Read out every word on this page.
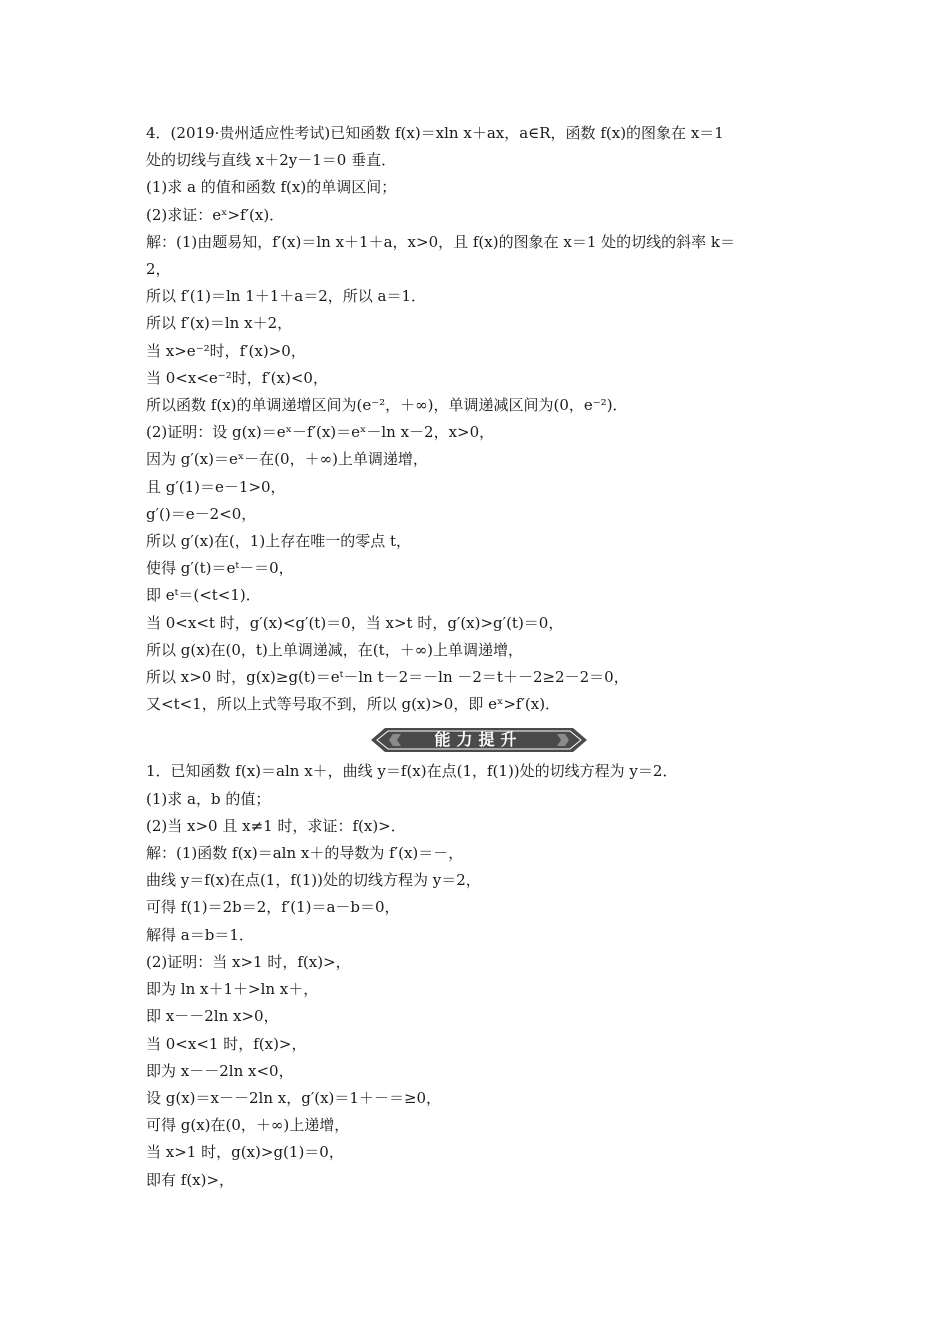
4．(2019·贵州适应性考试)已知函数 f(x)＝xln x＋ax，a∈R，函数 f(x)的图象在 x＝1
处的切线与直线 x＋2y－1＝0 垂直．
(1)求 a 的值和函数 f(x)的单调区间；
(2)求证：eˣ>f′(x)．
解：(1)由题易知，f′(x)＝ln x＋1＋a，x>0，且 f(x)的图象在 x＝1 处的切线的斜率 k＝
2，
所以 f′(1)＝ln 1＋1＋a＝2，所以 a＝1．
所以 f′(x)＝ln x＋2，
当 x>e⁻²时，f′(x)>0，
当 0<x<e⁻²时，f′(x)<0，
所以函数 f(x)的单调递增区间为(e⁻²，＋∞)，单调递减区间为(0，e⁻²)．
(2)证明：设 g(x)＝eˣ－f′(x)＝eˣ－ln x－2，x>0，
因为 g′(x)＝eˣ－在(0，＋∞)上单调递增，
且 g′(1)＝e－1>0，
g′()＝e－2<0，
所以 g′(x)在(，1)上存在唯一的零点 t，
使得 g′(t)＝eᵗ－＝0，
即 eᵗ＝(<t<1)．
当 0<x<t 时，g′(x)<g′(t)＝0，当 x>t 时，g′(x)>g′(t)＝0，
所以 g(x)在(0，t)上单调递减，在(t，＋∞)上单调递增，
所以 x>0 时，g(x)≥g(t)＝eᵗ－ln t－2＝－ln －2＝t＋－2≥2－2＝0，
又<t<1，所以上式等号取不到，所以 g(x)>0，即 eˣ>f′(x)．
能力提升
1．已知函数 f(x)＝aln x＋，曲线 y＝f(x)在点(1，f(1))处的切线方程为 y＝2．
(1)求 a，b 的值；
(2)当 x>0 且 x≠1 时，求证：f(x)>．
解：(1)函数 f(x)＝aln x＋的导数为 f′(x)＝－，
曲线 y＝f(x)在点(1，f(1))处的切线方程为 y＝2，
可得 f(1)＝2b＝2，f′(1)＝a－b＝0，
解得 a＝b＝1．
(2)证明：当 x>1 时，f(x)>，
即为 ln x＋1＋>ln x＋，
即 x－－2ln x>0，
当 0<x<1 时，f(x)>，
即为 x－－2ln x<0，
设 g(x)＝x－－2ln x，g′(x)＝1＋－＝≥0，
可得 g(x)在(0，＋∞)上递增，
当 x>1 时，g(x)>g(1)＝0，
即有 f(x)>，
